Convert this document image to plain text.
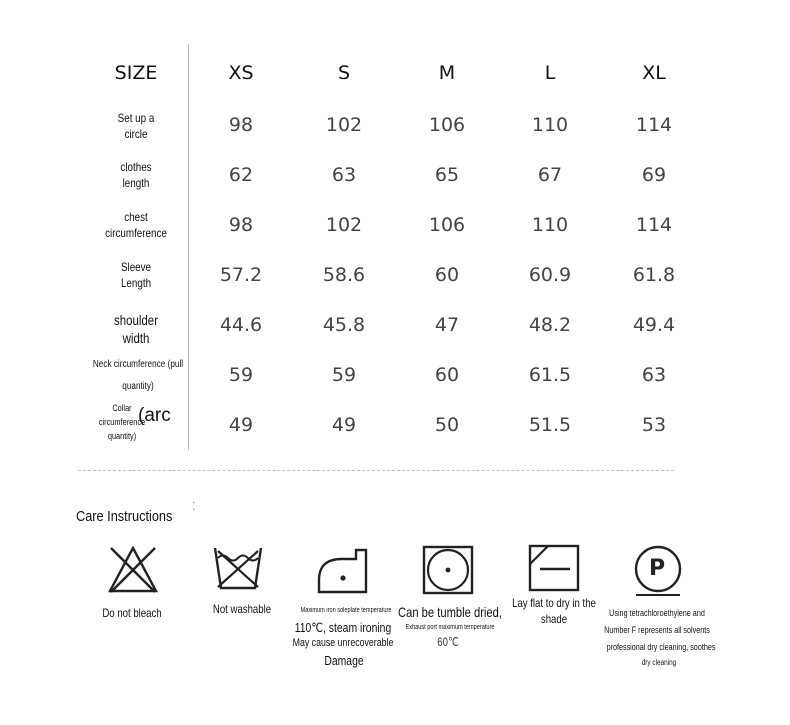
SIZE	XS	S	M	L	XL
Set up a
circle	98	102	106	110	114
clothes
length	62	63	65	67	69
chest
circumference	98	102	106	110	114
Sleeve
Length	57.2	58.6	60	60.9	61.8
shoulder
width
44.6	45.8	47	48.2	49.4
Neck circumference (pull
quantity)
59	59	60	61.5	63
Collar
circumference
quantity)
(arc	49	49	50	51.5	53
Care Instructions
⁚
Do not bleach	Not washable	Maximum iron soleplate temperature
110℃, steam ironing
May cause unrecoverable
Damage
Can be tumble dried,
Exhaust port maximum temperature
60℃
Lay flat to dry in the
shade
P
Using tetrachloroethylene and
Number F represents all solvents
professional dry cleaning, soothes
dry cleaning
